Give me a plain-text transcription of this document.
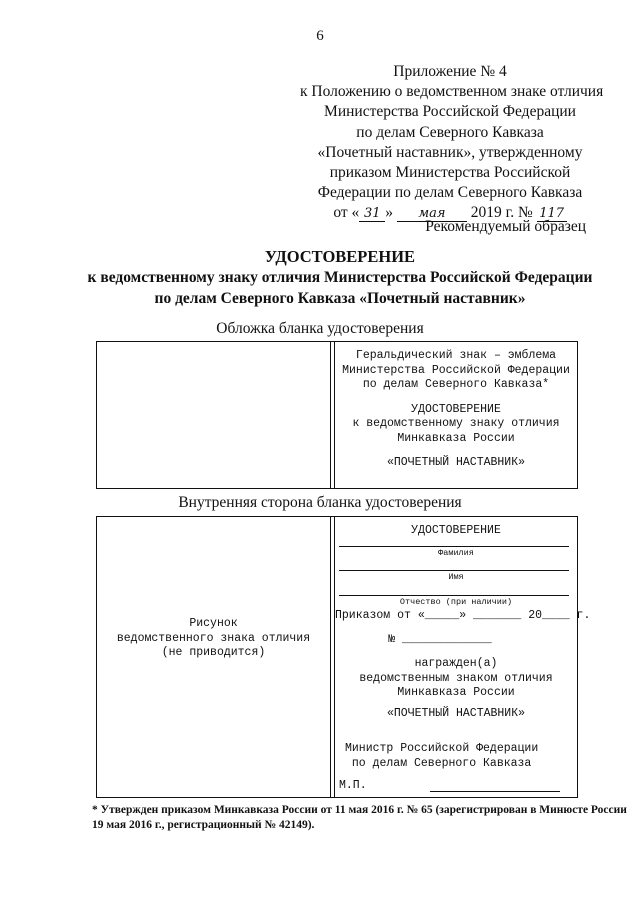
6
Приложение № 4
к Положению о ведомственном знаке отличия
Министерства Российской Федерации
по делам Северного Кавказа
«Почетный наставник», утвержденному
приказом Министерства Российской
Федерации по делам Северного Кавказа
от « 31 » мая 2019 г. № 117
Рекомендуемый образец
УДОСТОВЕРЕНИЕ
к ведомственному знаку отличия Министерства Российской Федерации
по делам Северного Кавказа «Почетный наставник»
Обложка бланка удостоверения
Геральдический знак – эмблема
Министерства Российской Федерации
по делам Северного Кавказа*
УДОСТОВЕРЕНИЕ
к ведомственному знаку отличия
Минкавказа России
«ПОЧЕТНЫЙ НАСТАВНИК»
Внутренняя сторона бланка удостоверения
Рисунок
ведомственного знака отличия
(не приводится)
УДОСТОВЕРЕНИЕ
Фамилия
Имя
Отчество (при наличии)
Приказом от «_____» _______ 20____ г.
№ _____________
награжден(а)
ведомственным знаком отличия
Минкавказа России
«ПОЧЕТНЫЙ НАСТАВНИК»
Министр Российской Федерации
по делам Северного Кавказа
М.П.
* Утвержден приказом Минкавказа России от 11 мая 2016 г. № 65 (зарегистрирован в Минюсте России
19 мая 2016 г., регистрационный № 42149).
